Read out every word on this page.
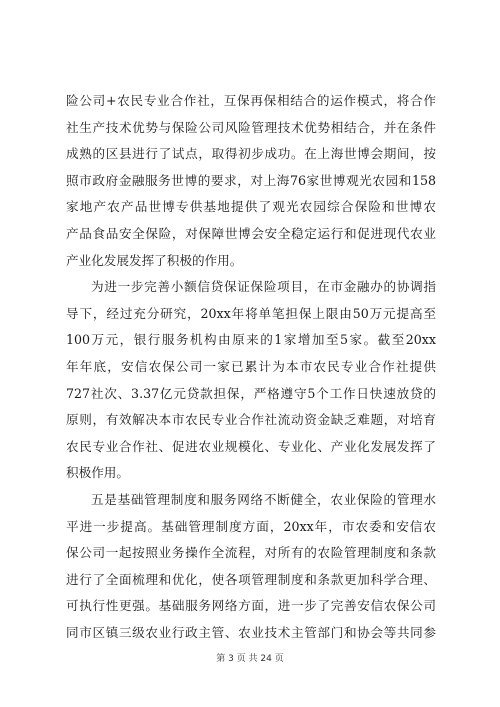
险公司+农民专业合作社，互保再保相结合的运作模式，将合作
社生产技术优势与保险公司风险管理技术优势相结合，并在条件
成熟的区县进行了试点，取得初步成功。在上海世博会期间，按
照市政府金融服务世博的要求，对上海76家世博观光农园和158
家地产农产品世博专供基地提供了观光农园综合保险和世博农
产品食品安全保险，对保障世博会安全稳定运行和促进现代农业
产业化发展发挥了积极的作用。
为进一步完善小额信贷保证保险项目，在市金融办的协调指
导下，经过充分研究，20xx年将单笔担保上限由50万元提高至
100万元，银行服务机构由原来的1家增加至5家。截至20xx
年年底，安信农保公司一家已累计为本市农民专业合作社提供
727社次、3.37亿元贷款担保，严格遵守5个工作日快速放贷的
原则，有效解决本市农民专业合作社流动资金缺乏难题，对培育
农民专业合作社、促进农业规模化、专业化、产业化发展发挥了
积极作用。
五是基础管理制度和服务网络不断健全，农业保险的管理水
平进一步提高。基础管理制度方面，20xx年，市农委和安信农
保公司一起按照业务操作全流程，对所有的农险管理制度和条款
进行了全面梳理和优化，使各项管理制度和条款更加科学合理、
可执行性更强。基础服务网络方面，进一步了完善安信农保公司
同市区镇三级农业行政主管、农业技术主管部门和协会等共同参
第 3 页 共 24 页
